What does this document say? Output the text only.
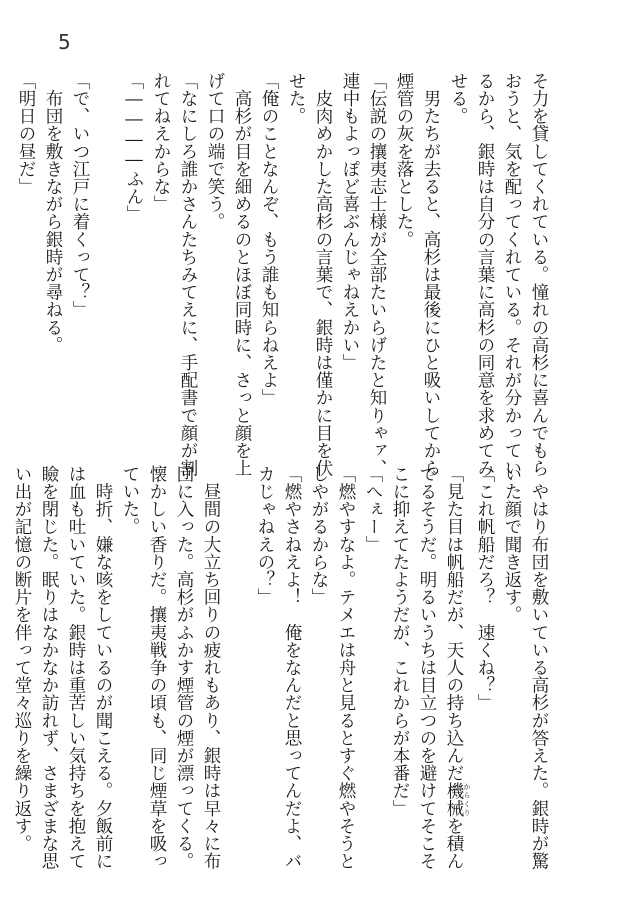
5
そ力を貸してくれている。憧れの高杉に喜んでもら
おうと、気を配ってくれている。それが分かってい
るから、銀時は自分の言葉に高杉の同意を求めてみ
せる。
　男たちが去ると、高杉は最後にひと吸いしてから
煙管の灰を落とした。
「伝説の攘夷志士様が全部たいらげたと知りゃァ、
連中もよっぽど喜ぶんじゃねえかい」
　皮肉めかした高杉の言葉で、銀時は僅かに目を伏
せた。
「俺のことなんぞ、もう誰も知らねえよ」
　高杉が目を細めるのとほぼ同時に、さっと顔を上
げて口の端で笑う。
「なにしろ誰かさんたちみてえに、手配書で顔が割
れてねえからな」
「――――ふん」
「で、いつ江戸に着くって？」
　布団を敷きながら銀時が尋ねる。
「明日の昼だ」
　やはり布団を敷いている高杉が答えた。銀時が驚
いた顔で聞き返す。
「これ帆船だろ？　速くね？」
「見た目は帆船だが、天人の持ち込んだ機械 からくりを積ん
でるそうだ。明るいうちは目立つのを避けてそこそ
こに抑えてたようだが、これからが本番だ」
「へぇー」
「燃やすなよ。テメエは舟と見るとすぐ燃やそうと
しやがるからな」
「燃やさねえよ！　俺をなんだと思ってんだよ、バ
カじゃねえの？」
　昼間の大立ち回りの疲れもあり、銀時は早々に布
団に入った。高杉がふかす煙管の煙が漂ってくる。
懐かしい香りだ。攘夷戦争の頃も、同じ煙草を吸っ
ていた。
　時折、嫌な咳をしているのが聞こえる。夕飯前に
は血も吐いていた。銀時は重苦しい気持ちを抱えて
瞼を閉じた。眠りはなかなか訪れず、さまざまな思
い出が記憶の断片を伴って堂々巡りを繰り返す。
